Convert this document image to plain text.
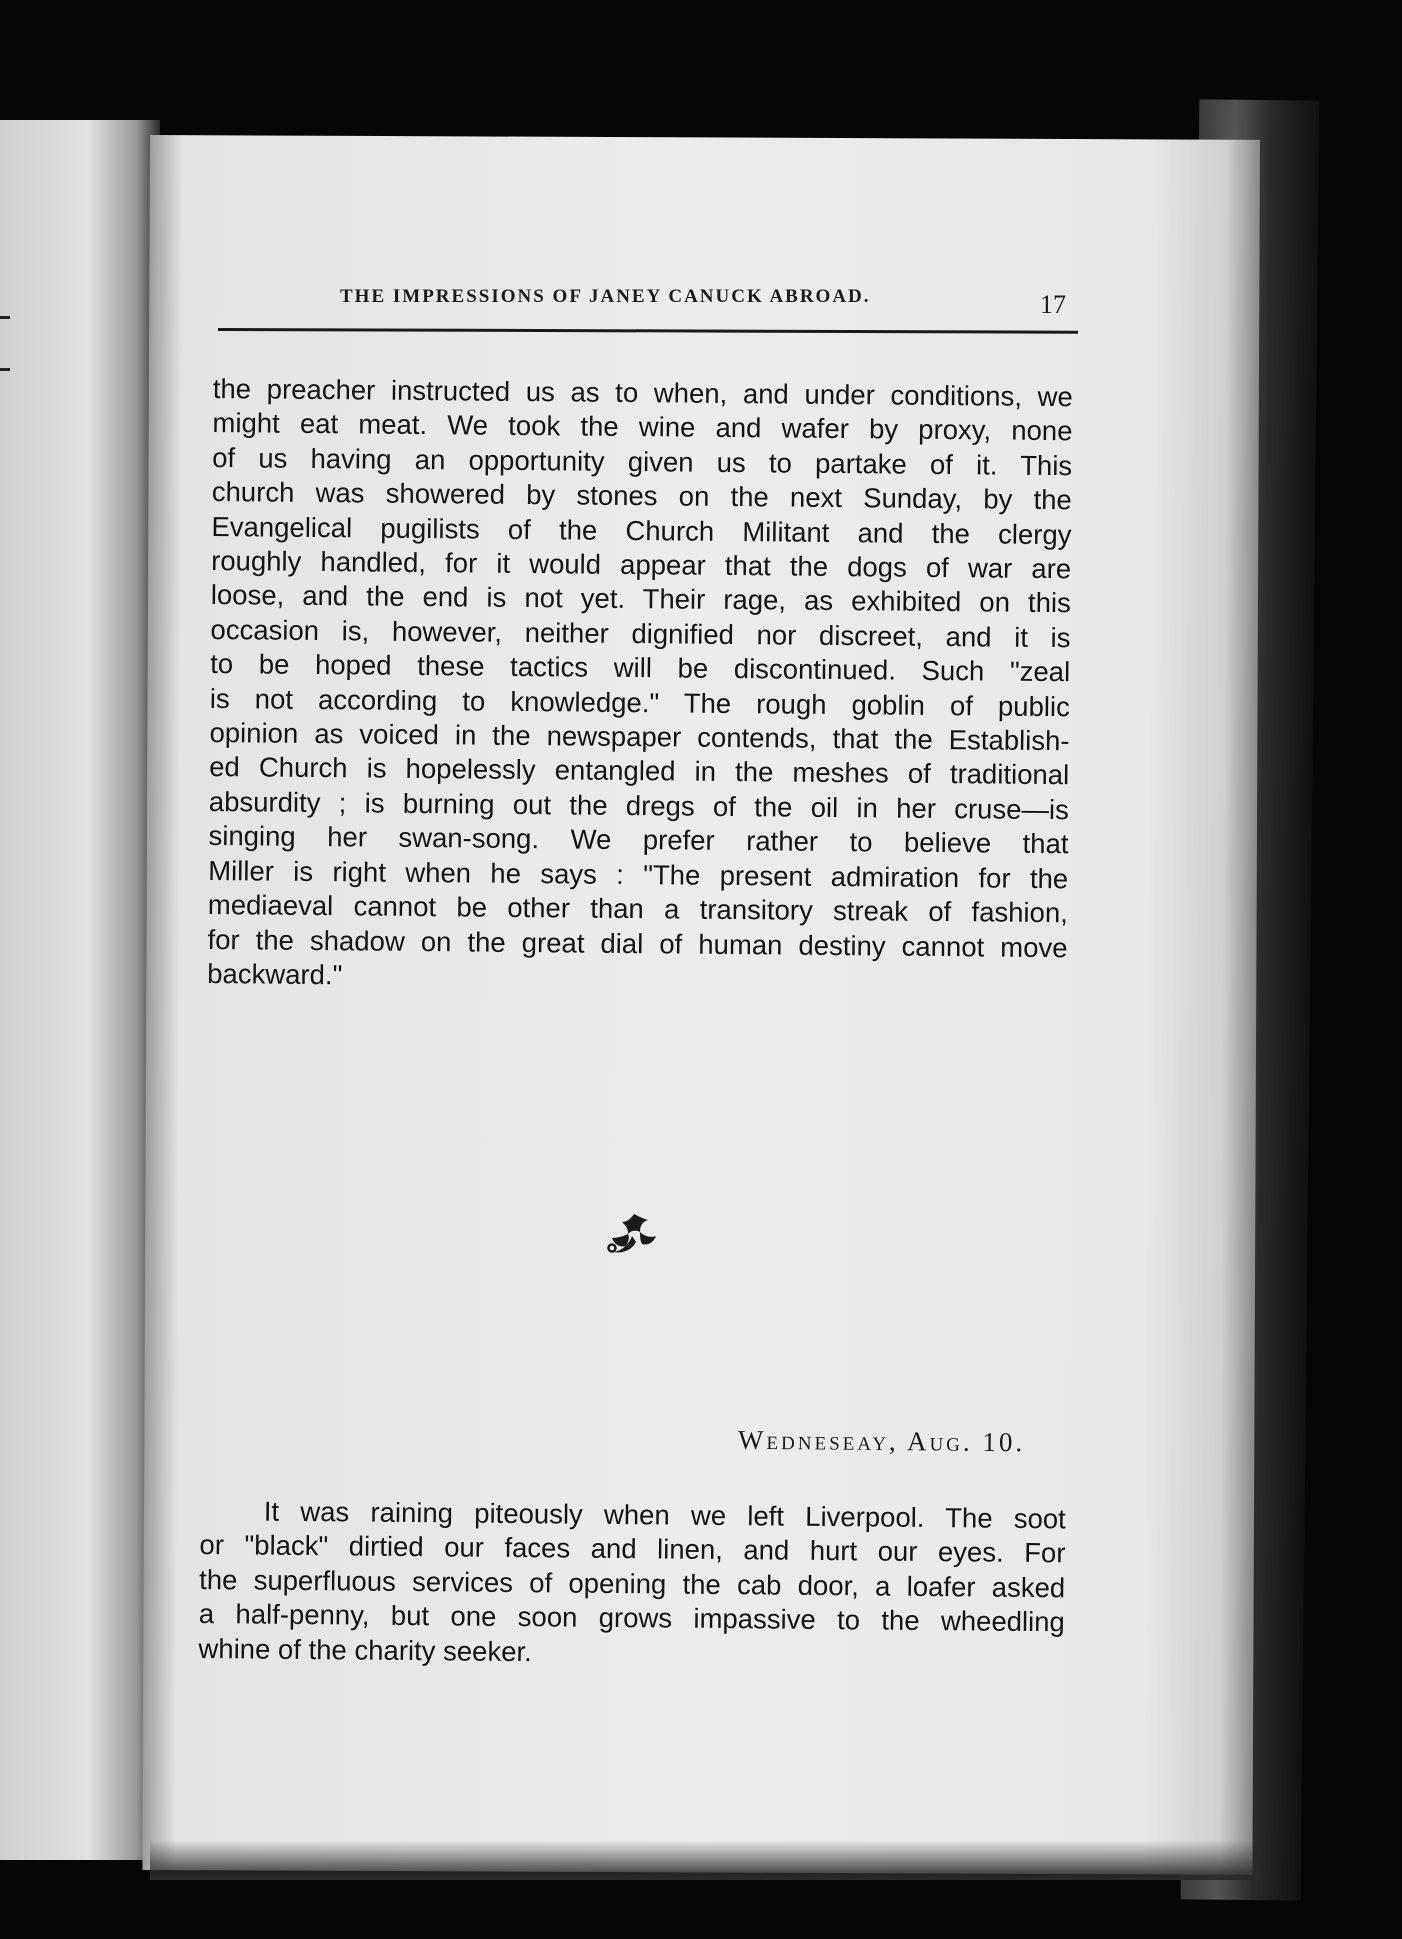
THE IMPRESSIONS OF JANEY CANUCK ABROAD.	17
the preacher instructed us as to when, and under conditions, we
might eat meat. We took the wine and wafer by proxy, none
of us having an opportunity given us to partake of it. This
church was showered by stones on the next Sunday, by the
Evangelical pugilists of the Church Militant and the clergy
roughly handled, for it would appear that the dogs of war are
loose, and the end is not yet. Their rage, as exhibited on this
occasion is, however, neither dignified nor discreet, and it is
to be hoped these tactics will be discontinued. Such "zeal
is not according to knowledge." The rough goblin of public
opinion as voiced in the newspaper contends, that the Establish-
ed Church is hopelessly entangled in the meshes of traditional
absurdity ; is burning out the dregs of the oil in her cruse—is
singing her swan-song. We prefer rather to believe that
Miller is right when he says : "The present admiration for the
mediaeval cannot be other than a transitory streak of fashion,
for the shadow on the great dial of human destiny cannot move
backward."
Wedneseay, Aug. 10.
It was raining piteously when we left Liverpool. The soot
or "black" dirtied our faces and linen, and hurt our eyes. For
the superfluous services of opening the cab door, a loafer asked
a half-penny, but one soon grows impassive to the wheedling
whine of the charity seeker.
